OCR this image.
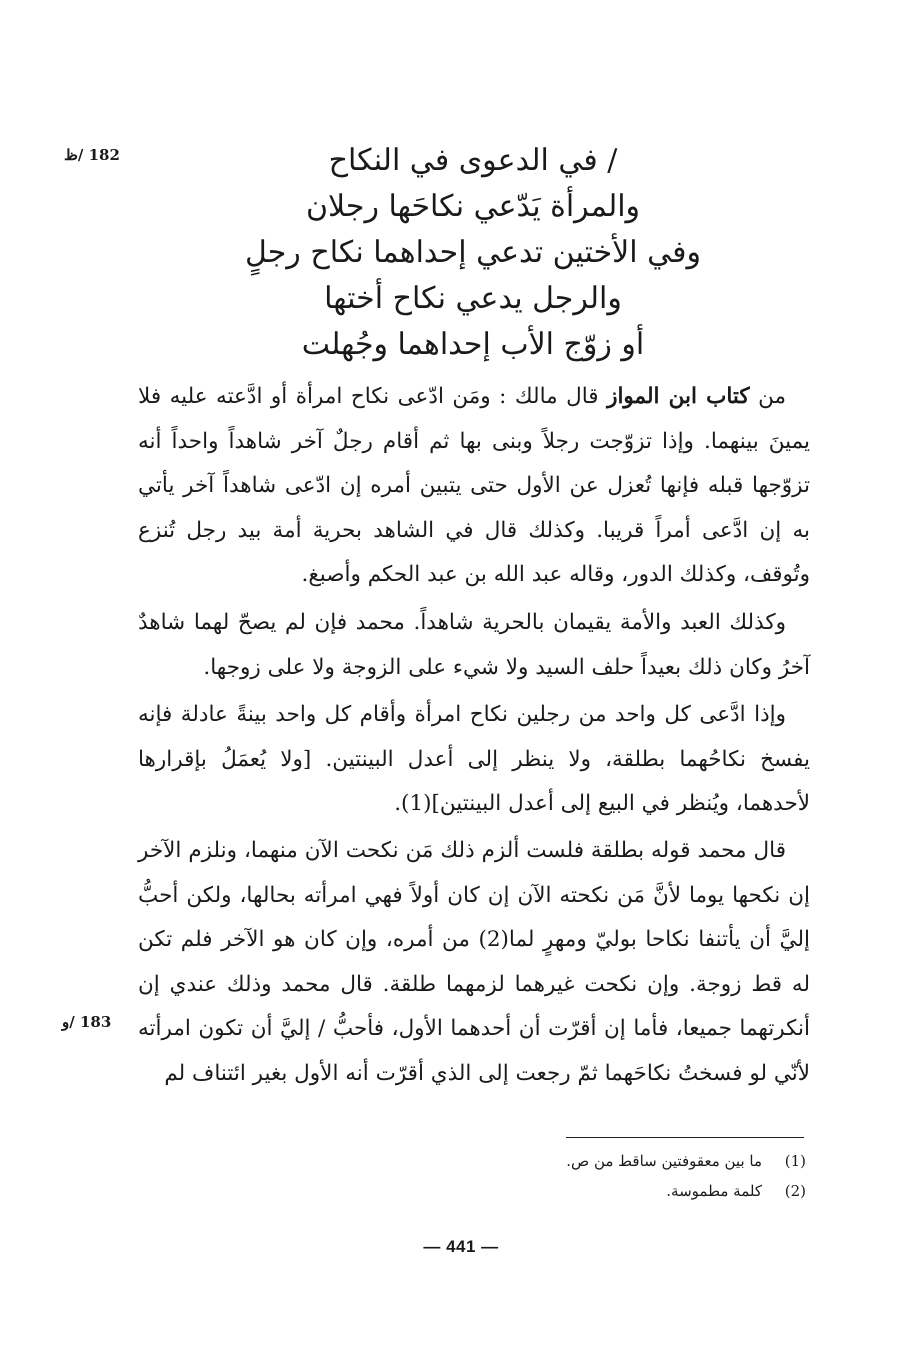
182 /ظ
183 /و
/ في الدعوى في النكاح
والمرأة يَدّعي نكاحَها رجلان
وفي الأختين تدعي إحداهما نكاح رجلٍ
والرجل يدعي نكاح أختها
أو زوّج الأب إحداهما وجُهلت

من كتاب ابن المواز قال مالك : ومَن ادّعى نكاح امرأة أو ادَّعته عليه فلا يمينَ بينهما. وإذا تزوّجت رجلاً وبنى بها ثم أقام رجلٌ آخر شاهداً واحداً أنه تزوّجها قبله فإنها تُعزل عن الأول حتى يتبين أمره إن ادّعى شاهداً آخر يأتي به إن ادَّعى أمراً قريبا. وكذلك قال في الشاهد بحرية أمة بيد رجل تُنزع وتُوقف، وكذلك الدور، وقاله عبد الله بن عبد الحكم وأصبغ.

وكذلك العبد والأمة يقيمان بالحرية شاهداً. محمد فإن لم يصحّ لهما شاهدٌ آخرُ وكان ذلك بعيداً حلف السيد ولا شيء على الزوجة ولا على زوجها.

وإذا ادَّعى كل واحد من رجلين نكاح امرأة وأقام كل واحد بينةً عادلة فإنه يفسخ نكاحُهما بطلقة، ولا ينظر إلى أعدل البينتين. [ولا يُعمَلُ بإقرارها لأحدهما، ويُنظر في البيع إلى أعدل البينتين](1).

قال محمد قوله بطلقة فلست ألزم ذلك مَن نكحت الآن منهما، ونلزم الآخر إن نكحها يوما لأنَّ مَن نكحته الآن إن كان أولاً فهي امرأته بحالها، ولكن أحبُّ إليَّ أن يأتنفا نكاحا بوليّ ومهرٍ لما(2) من أمره، وإن كان هو الآخر فلم تكن له قط زوجة. وإن نكحت غيرهما لزمهما طلقة. قال محمد وذلك عندي إن أنكرتهما جميعا، فأما إن أقرّت أن أحدهما الأول، فأحبُّ / إليَّ أن تكون امرأته لأنّي لو فسختُ نكاحَهما ثمّ رجعت إلى الذي أقرّت أنه الأول بغير ائتناف لم

(1)
ما بين معقوفتين ساقط من ص.
(2)
كلمة مطموسة.
— 441 —
